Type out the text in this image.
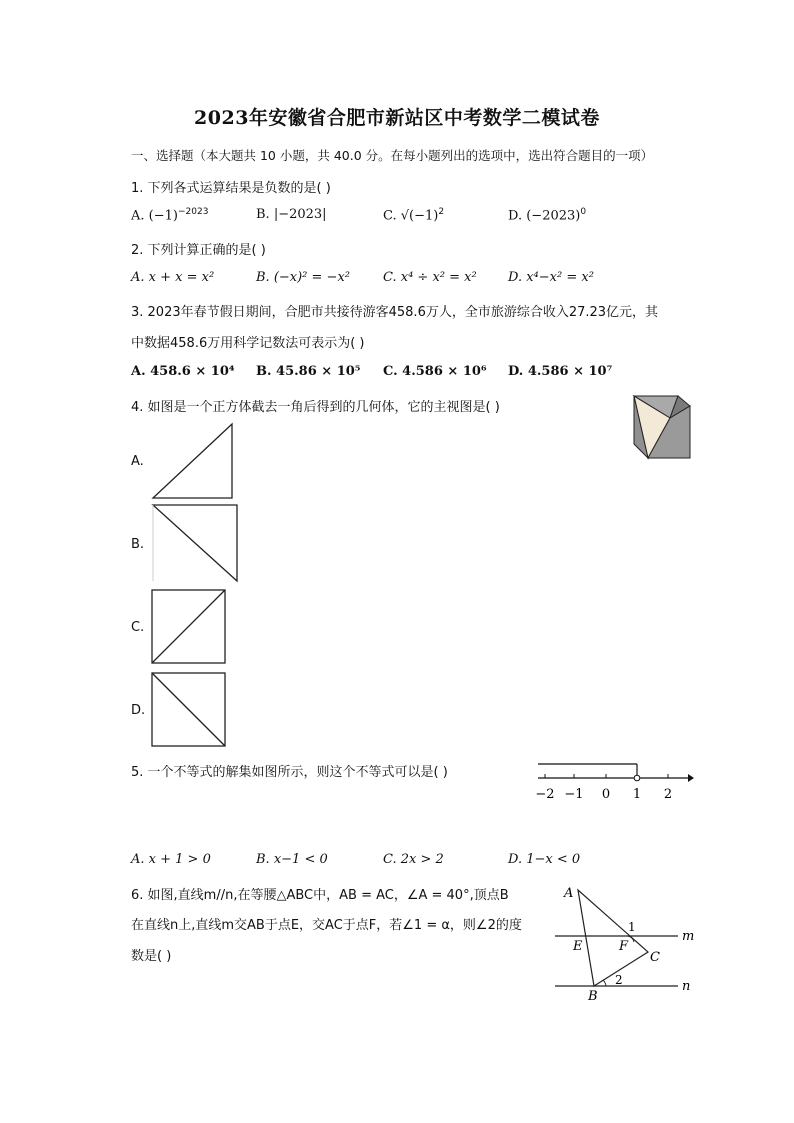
2023年安徽省合肥市新站区中考数学二模试卷
一、选择题（本大题共 10 小题，共 40.0 分。在每小题列出的选项中，选出符合题目的一项）
1. 下列各式运算结果是负数的是( )
A. $(-1)^{-2023}$	B. |−2023|	C. $√(-1)^2$	D. $(-2023)^0$
2. 下列计算正确的是( )
A. x + x = x²	B. (−x)² = −x²	C. x⁴ ÷ x² = x² D. x⁴−x² = x²
3. 2023年春节假日期间，合肥市共接待游客458.6万人，全市旅游综合收入27.23亿元，其
中数据458.6万用科学记数法可表示为( )
A. 458.6 × 10⁴ B. 45.86 × 10⁵ C. 4.586 × 10⁶ D. 4.586 × 10⁷
4. 如图是一个正方体截去一角后得到的几何体，它的主视图是( )
A.
B.
C.
D.
5. 一个不等式的解集如图所示，则这个不等式可以是( )
−2 −1 0 1 2
A. x + 1 > 0	B. x−1 < 0	C. 2x > 2	D. 1−x < 0
6. 如图,直线m//n,在等腰△ABC中，AB = AC，∠A = 40°,顶点B
在直线n上,直线m交AB于点E，交AC于点F，若∠1 = α，则∠2的度
数是( )
A
E	F
C
B
1
2
m
n
